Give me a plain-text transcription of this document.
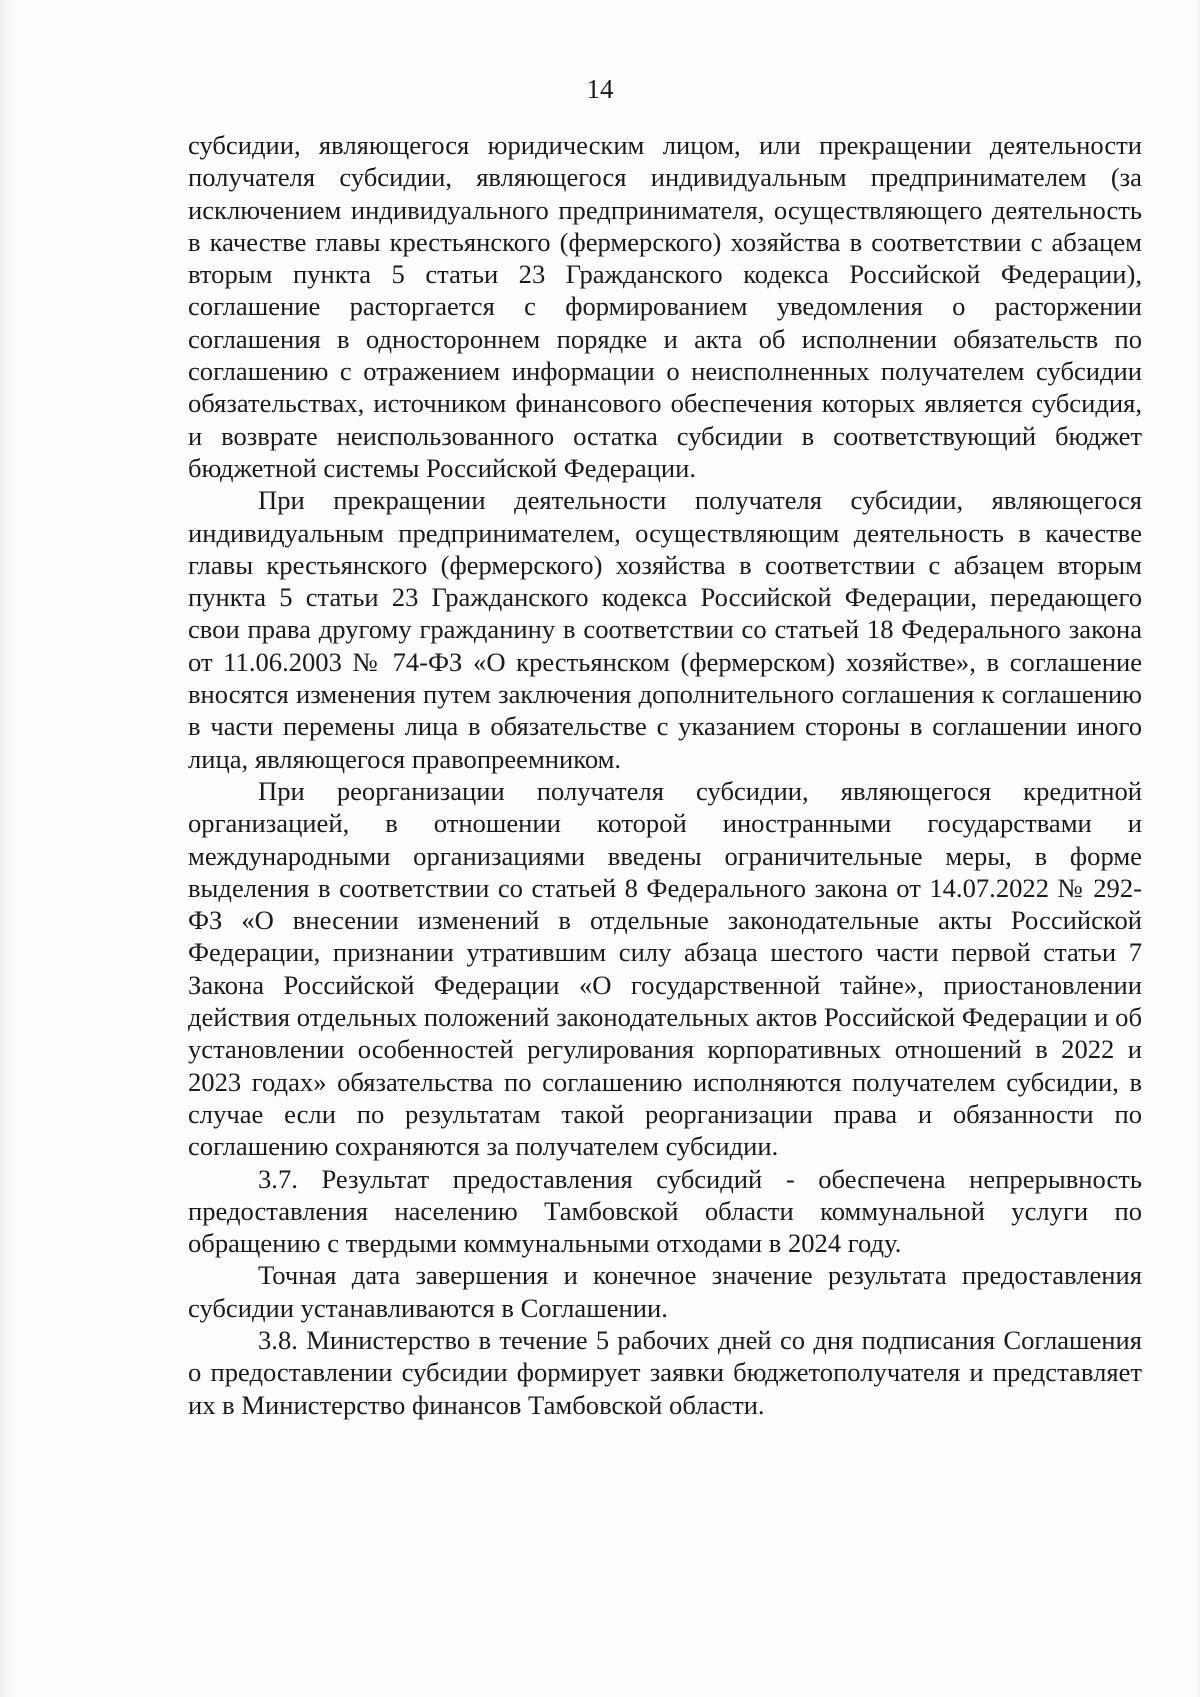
14

субсидии, являющегося юридическим лицом, или прекращении деятельности получателя субсидии, являющегося индивидуальным предпринимателем (за исключением индивидуального предпринимателя, осуществляющего деятельность в качестве главы крестьянского (фермерского) хозяйства в соответствии с абзацем вторым пункта 5 статьи 23 Гражданского кодекса Российской Федерации), соглашение расторгается с формированием уведомления о расторжении соглашения в одностороннем порядке и акта об исполнении обязательств по соглашению с отражением информации о неисполненных получателем субсидии обязательствах, источником финансового обеспечения которых является субсидия, и возврате неиспользованного остатка субсидии в соответствующий бюджет бюджетной системы Российской Федерации.

При прекращении деятельности получателя субсидии, являющегося индивидуальным предпринимателем, осуществляющим деятельность в качестве главы крестьянского (фермерского) хозяйства в соответствии с абзацем вторым пункта 5 статьи 23 Гражданского кодекса Российской Федерации, передающего свои права другому гражданину в соответствии со статьей 18 Федерального закона от 11.06.2003 № 74-ФЗ «О крестьянском (фермерском) хозяйстве», в соглашение вносятся изменения путем заключения дополнительного соглашения к соглашению в части перемены лица в обязательстве с указанием стороны в соглашении иного лица, являющегося правопреемником.

При реорганизации получателя субсидии, являющегося кредитной организацией, в отношении которой иностранными государствами и международными организациями введены ограничительные меры, в форме выделения в соответствии со статьей 8 Федерального закона от 14.07.2022 № 292-ФЗ «О внесении изменений в отдельные законодательные акты Российской Федерации, признании утратившим силу абзаца шестого части первой статьи 7 Закона Российской Федерации «О государственной тайне», приостановлении действия отдельных положений законодательных актов Российской Федерации и об установлении особенностей регулирования корпоративных отношений в 2022 и 2023 годах» обязательства по соглашению исполняются получателем субсидии, в случае если по результатам такой реорганизации права и обязанности по соглашению сохраняются за получателем субсидии.

3.7. Результат предоставления субсидий - обеспечена непрерывность предоставления населению Тамбовской области коммунальной услуги по обращению с твердыми коммунальными отходами в 2024 году.

Точная дата завершения и конечное значение результата предоставления субсидии устанавливаются в Соглашении.

3.8. Министерство в течение 5 рабочих дней со дня подписания Соглашения о предоставлении субсидии формирует заявки бюджетополучателя и представляет их в Министерство финансов Тамбовской области.
